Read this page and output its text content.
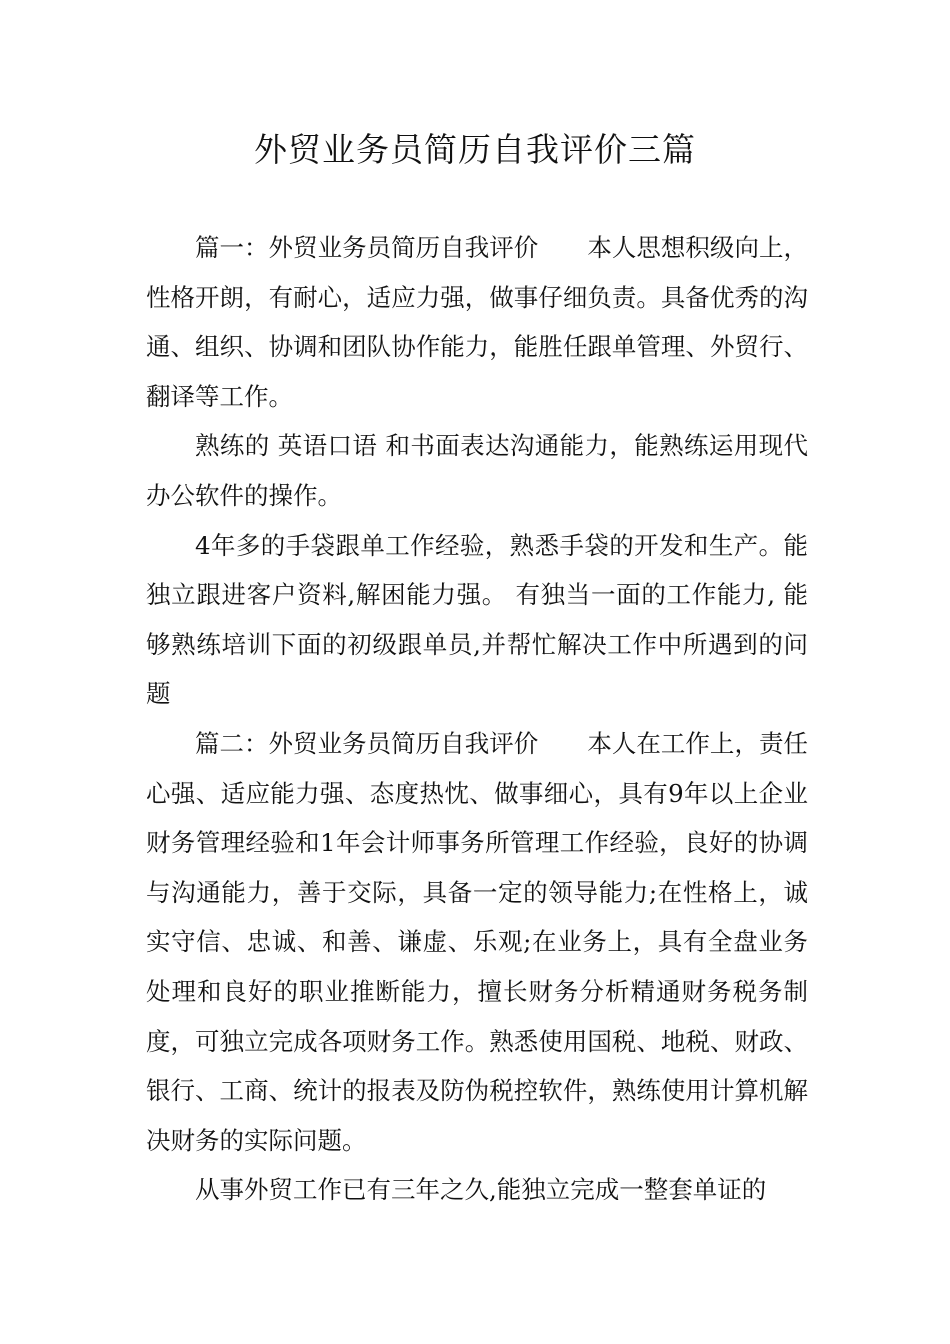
外贸业务员简历自我评价三篇

篇一：外贸业务员简历自我评价　　本人思想积级向上，性格开朗，有耐心，适应力强，做事仔细负责。具备优秀的沟通、组织、协调和团队协作能力，能胜任跟单管理、外贸行、翻译等工作。

熟练的 英语口语 和书面表达沟通能力，能熟练运用现代办公软件的操作。

4年多的手袋跟单工作经验，熟悉手袋的开发和生产。能独立跟进客户资料,解困能力强。 有独当一面的工作能力, 能够熟练培训下面的初级跟单员,并帮忙解决工作中所遇到的问题

篇二：外贸业务员简历自我评价　　本人在工作上，责任心强、适应能力强、态度热忱、做事细心，具有9年以上企业财务管理经验和1年会计师事务所管理工作经验，良好的协调与沟通能力，善于交际，具备一定的领导能力;在性格上，诚实守信、忠诚、和善、谦虚、乐观;在业务上，具有全盘业务处理和良好的职业推断能力，擅长财务分析精通财务税务制度，可独立完成各项财务工作。熟悉使用国税、地税、财政、银行、工商、统计的报表及防伪税控软件，熟练使用计算机解决财务的实际问题。

从事外贸工作已有三年之久,能独立完成一整套单证的
